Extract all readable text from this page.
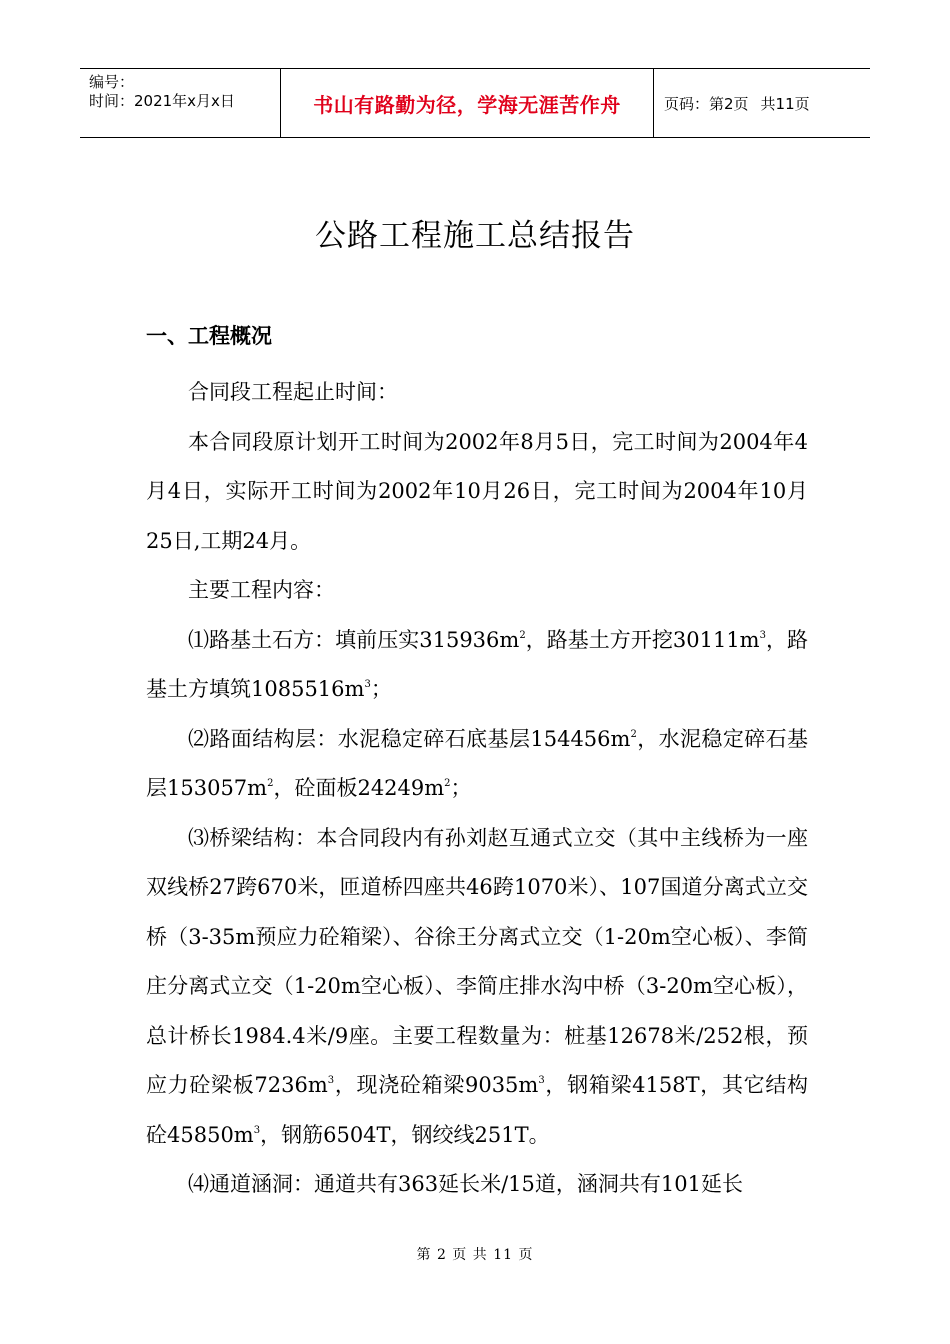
编号：
时间：2021年x月x日	书山有路勤为径，学海无涯苦作舟	页码：第2页 共11页
公路工程施工总结报告
一、工程概况

合同段工程起止时间：

本合同段原计划开工时间为2002年8月5日，完工时间为2004年4月4日，实际开工时间为2002年10月26日，完工时间为2004年10月25日,工期24月。

主要工程内容：

⑴路基土石方：填前压实$315936m^2$，路基土方开挖$30111m^3$，路基土方填筑$1085516m^3$；

⑵路面结构层：水泥稳定碎石底基层$154456m^2$，水泥稳定碎石基层$153057m^2$，砼面板$24249m^2$；

⑶桥梁结构：本合同段内有孙刘赵互通式立交（其中主线桥为一座双线桥27跨670米，匝道桥四座共46跨1070米）、107国道分离式立交桥（3-35m预应力砼箱梁）、谷徐王分离式立交（1-20m空心板）、李简庄分离式立交（1-20m空心板）、李简庄排水沟中桥（3-20m空心板），总计桥长1984.4米/9座。主要工程数量为：桩基12678米/252根，预应力砼梁板$7236m^3$，现浇砼箱梁$9035m^3$，钢箱梁4158T，其它结构砼$45850m^3$，钢筋6504T，钢绞线251T。

⑷通道涵洞：通道共有363延长米/15道，涵洞共有101延长

第 2 页 共 11 页
